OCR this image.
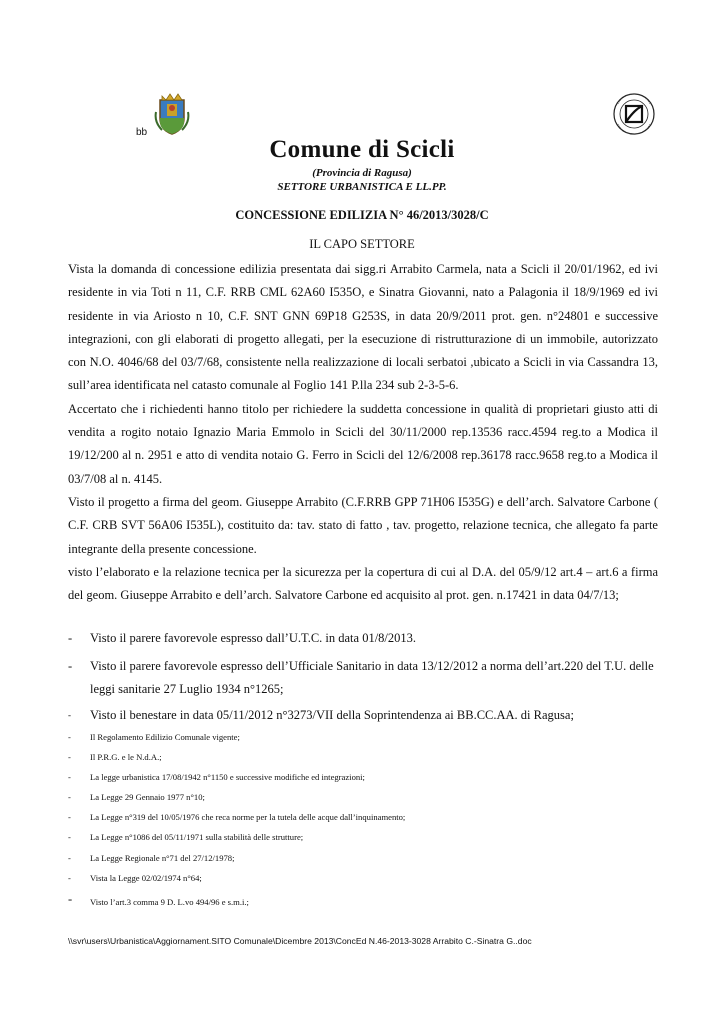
bb
Comune di Scicli
(Provincia di Ragusa)
SETTORE URBANISTICA E LL.PP.
CONCESSIONE EDILIZIA N° 46/2013/3028/C
IL CAPO SETTORE

Vista la domanda di concessione edilizia presentata dai sigg.ri Arrabito Carmela, nata a Scicli il 20/01/1962, ed ivi residente in via Toti n 11, C.F. RRB CML 62A60 I535O, e Sinatra Giovanni, nato a Palagonia il 18/9/1969 ed ivi residente in via Ariosto n 10, C.F. SNT GNN 69P18 G253S, in data 20/9/2011 prot. gen. n°24801 e successive integrazioni, con gli elaborati di progetto allegati, per la esecuzione di ristrutturazione di un immobile, autorizzato con N.O. 4046/68 del 03/7/68, consistente nella realizzazione di locali serbatoi ,ubicato a Scicli in via Cassandra 13, sull’area identificata nel catasto comunale al Foglio 141 P.lla 234 sub 2-3-5-6.

Accertato che i richiedenti hanno titolo per richiedere la suddetta concessione in qualità di proprietari giusto atti di vendita a rogito notaio Ignazio Maria Emmolo in Scicli del 30/11/2000 rep.13536 racc.4594 reg.to a Modica il 19/12/200 al n. 2951 e atto di vendita notaio G. Ferro in Scicli del 12/6/2008 rep.36178 racc.9658 reg.to a Modica il 03/7/08 al n. 4145.

Visto il progetto a firma del geom. Giuseppe Arrabito (C.F.RRB GPP 71H06 I535G) e dell’arch. Salvatore Carbone ( C.F. CRB SVT 56A06 I535L), costituito da: tav. stato di fatto , tav. progetto, relazione tecnica, che allegato fa parte integrante della presente concessione.

visto l’elaborato e la relazione tecnica per la sicurezza per la copertura di cui al D.A. del 05/9/12 art.4 – art.6 a firma del geom. Giuseppe Arrabito e dell’arch. Salvatore Carbone ed acquisito al prot. gen. n.17421 in data 04/7/13;

- Visto il parere favorevole espresso dall’U.T.C. in data 01/8/2013.
- Visto il parere favorevole espresso dell’Ufficiale Sanitario in data 13/12/2012 a norma dell’art.220 del T.U. delle leggi sanitarie 27 Luglio 1934 n°1265;
- Visto il benestare in data 05/11/2012 n°3273/VII della Soprintendenza ai BB.CC.AA. di Ragusa;
- Il Regolamento Edilizio Comunale vigente;
- Il P.R.G. e le N.d.A.;
- La legge urbanistica 17/08/1942 n°1150 e successive modifiche ed integrazioni;
- La Legge 29 Gennaio 1977 n°10;
- La Legge n°319 del 10/05/1976 che reca norme per la tutela delle acque dall’inquinamento;
- La Legge n°1086 del 05/11/1971 sulla stabilità delle strutture;
- La Legge Regionale n°71 del 27/12/1978;
- Vista la Legge 02/02/1974 n°64;
- Visto l’art.3 comma 9 D. L.vo 494/96 e s.m.i.;
\\svr\users\Urbanistica\Aggiornament.SITO Comunale\Dicembre 2013\ConcEd N.46-2013-3028 Arrabito C.-Sinatra G..doc
